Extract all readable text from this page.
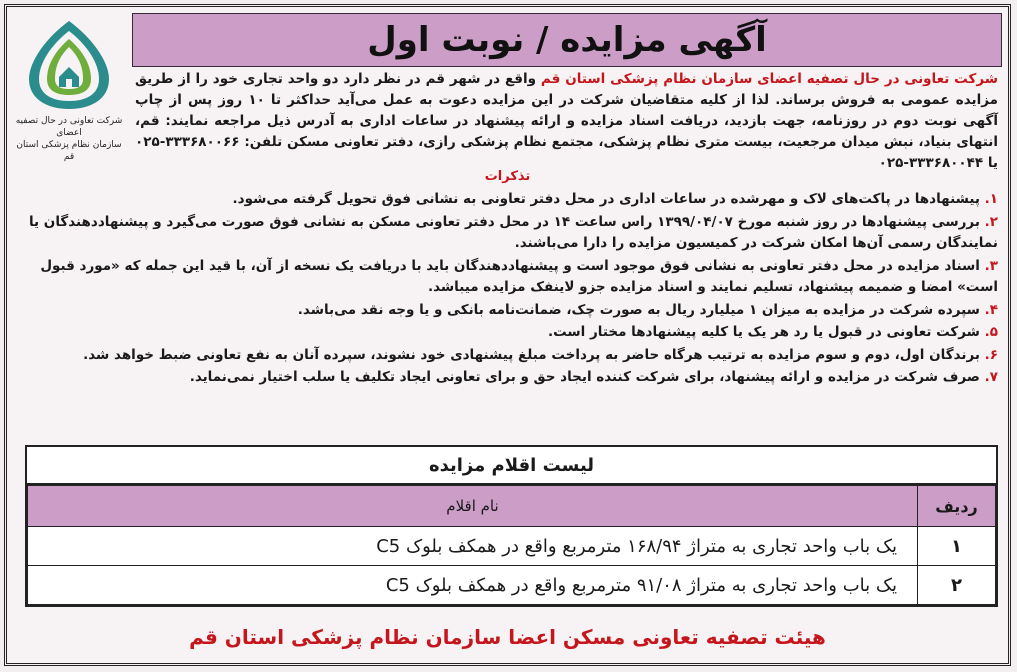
آگهی مزایده / نوبت اول
شرکت تعاونی در حال تصفیه اعضای
سازمان نظام پزشکی استان قم
شرکت تعاونی در حال تصفیه اعضای سازمان نظام پزشکی استان قم واقع در شهر قم در نظر دارد دو واحد تجاری خود را از طریق مزایده عمومی به فروش برساند. لذا از کلیه متقاضیان شرکت در این مزایده دعوت به عمل می‌آید حداکثر تا ۱۰ روز پس از چاپ آگهی نوبت دوم در روزنامه، جهت بازدید، دریافت اسناد مزایده و ارائه پیشنهاد در ساعات اداری به آدرس ذیل مراجعه نمایند: قم، انتهای بنیاد، نبش میدان مرجعیت، بیست متری نظام پزشکی، مجتمع نظام پزشکی رازی، دفتر تعاونی مسکن تلفن: ۳۳۳۶۸۰۰۶۶-۰۲۵ یا ۳۳۳۶۸۰۰۴۴-۰۲۵
تذکرات
۱. پیشنهادها در پاکت‌های لاک و مهرشده در ساعات اداری در محل دفتر تعاونی به نشانی فوق تحویل گرفته می‌شود.
۲. بررسی پیشنهادها در روز شنبه مورخ ۱۳۹۹/۰۴/۰۷ راس ساعت ۱۴ در محل دفتر تعاونی مسکن به نشانی فوق صورت می‌گیرد و پیشنهاددهندگان یا نمایندگان رسمی آن‌ها امکان شرکت در کمیسیون مزایده را دارا می‌باشند.
۳. اسناد مزایده در محل دفتر تعاونی به نشانی فوق موجود است و پیشنهاددهندگان باید با دریافت یک نسخه از آن، با قید این جمله که «مورد قبول است» امضا و ضمیمه پیشنهاد، تسلیم نمایند و اسناد مزایده جزو لاینفک مزایده میباشد.
۴. سپرده شرکت در مزایده به میزان ۱ میلیارد ریال به صورت چک، ضمانت‌نامه بانکی و یا وجه نقد می‌باشد.
۵. شرکت تعاونی در قبول یا رد هر یک یا کلیه پیشنهادها مختار است.
۶. برندگان اول، دوم و سوم مزایده به ترتیب هرگاه حاضر به پرداخت مبلغ پیشنهادی خود نشوند، سپرده آنان به نفع تعاونی ضبط خواهد شد.
۷. صرف شرکت در مزایده و ارائه پیشنهاد، برای شرکت کننده ایجاد حق و برای تعاونی ایجاد تکلیف یا سلب اختیار نمی‌نماید.
لیست اقلام مزایده
ردیف	نام اقلام
۱	یک باب واحد تجاری به متراژ ۱۶۸/۹۴ مترمربع واقع در همکف بلوک C5
۲	یک باب واحد تجاری به متراژ ۹۱/۰۸ مترمربع واقع در همکف بلوک C5
هیئت تصفیه تعاونی مسکن اعضا سازمان نظام پزشکی استان قم
